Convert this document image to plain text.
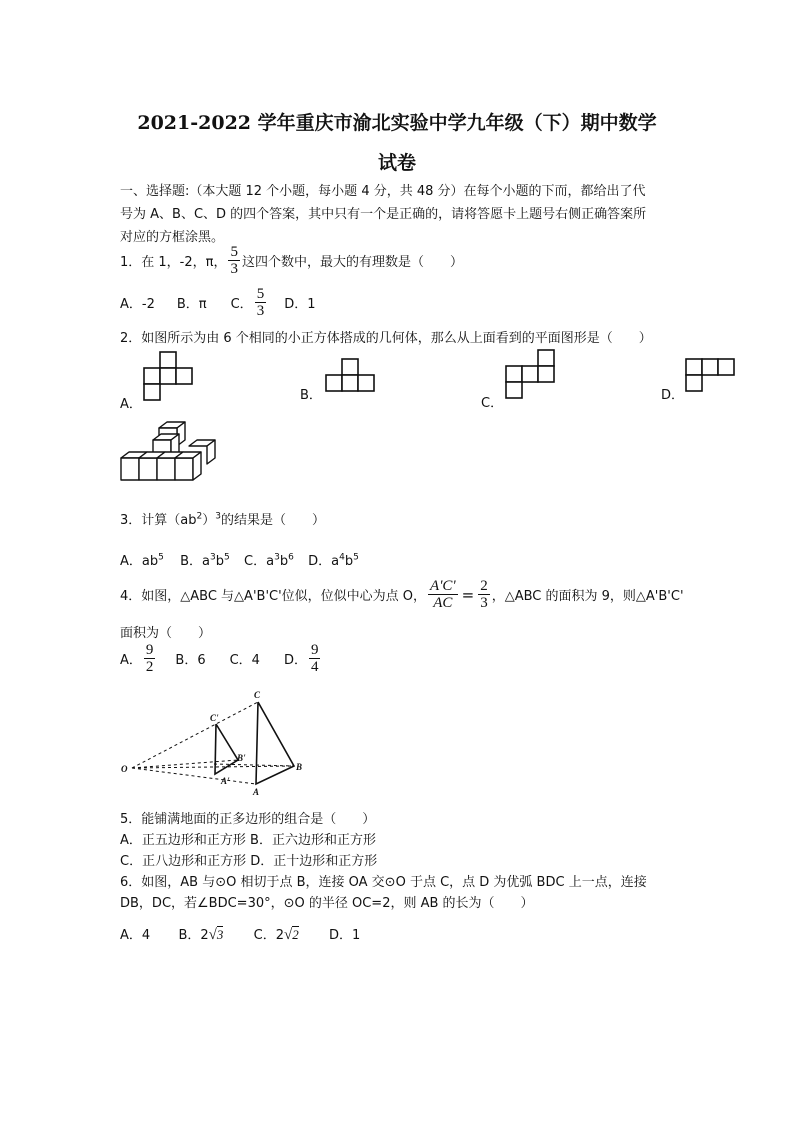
2021-2022 学年重庆市渝北实验中学九年级（下）期中数学
试卷
一、选择题:（本大题 12 个小题，每小题 4 分，共 48 分）在每个小题的下而，都给出了代
号为 A、B、C、D 的四个答案，其中只有一个是正确的，请将答愿卡上题号右侧正确答案所
对应的方框涂黑。
1．在 1，-2，π， $\frac{5}{3}$ 这四个数中，最大的有理数是（　　）
A．-2 B．π C． $\frac{5}{3}$ D．1
2．如图所示为由 6 个相同的小正方体搭成的几何体，那么从上面看到的平面图形是（　　）
A．
B．
C．
D．
3．计算$(ab^2)^3$的结果是（　　）
A．$ab^5$ B．$a^3b^5$ C．$a^3b^6$ D．$a^4b^5$
4．如图，△ABC 与△A'B'C'位似，位似中心为点 O， $\frac{A'C'}{AC} = \frac{2}{3}$ ，△ABC 的面积为 9，则△A'B'C'
面积为（　　）
A． $\frac{9}{2}$ B．6 C．4 D． $\frac{9}{4}$
O
C
C'
B
B'
A'
A
5．能铺满地面的正多边形的组合是（　　）
A．正五边形和正方形 B．正六边形和正方形
C．正八边形和正方形 D．正十边形和正方形
6．如图，AB 与⊙O 相切于点 B，连接 OA 交⊙O 于点 C，点 D 为优弧 BDC 上一点，连接
DB，DC，若∠BDC=30°，⊙O 的半径 OC=2，则 AB 的长为（　　）
A．4 B．2√3 C．2√2 D．1
